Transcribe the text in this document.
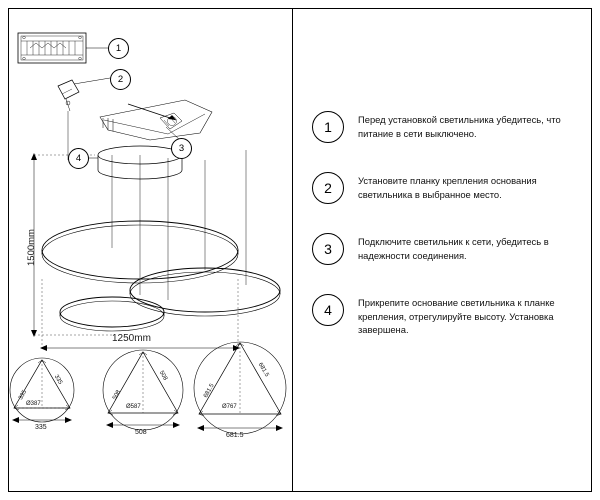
1
2
3
4
1500mm
1250mm
335
335
Ø387
335
508
508
Ø587
508
681.5
681.5
Ø767
681.5
1	Перед установкой светильника убедитесь, что питание в сети выключено.
2	Установите планку крепления основания светильника в выбранное место.
3	Подключите светильник к сети, убедитесь в надежности соединения.
4	Прикрепите основание светильника к планке крепления, отрегулируйте высоту. Установка завершена.
